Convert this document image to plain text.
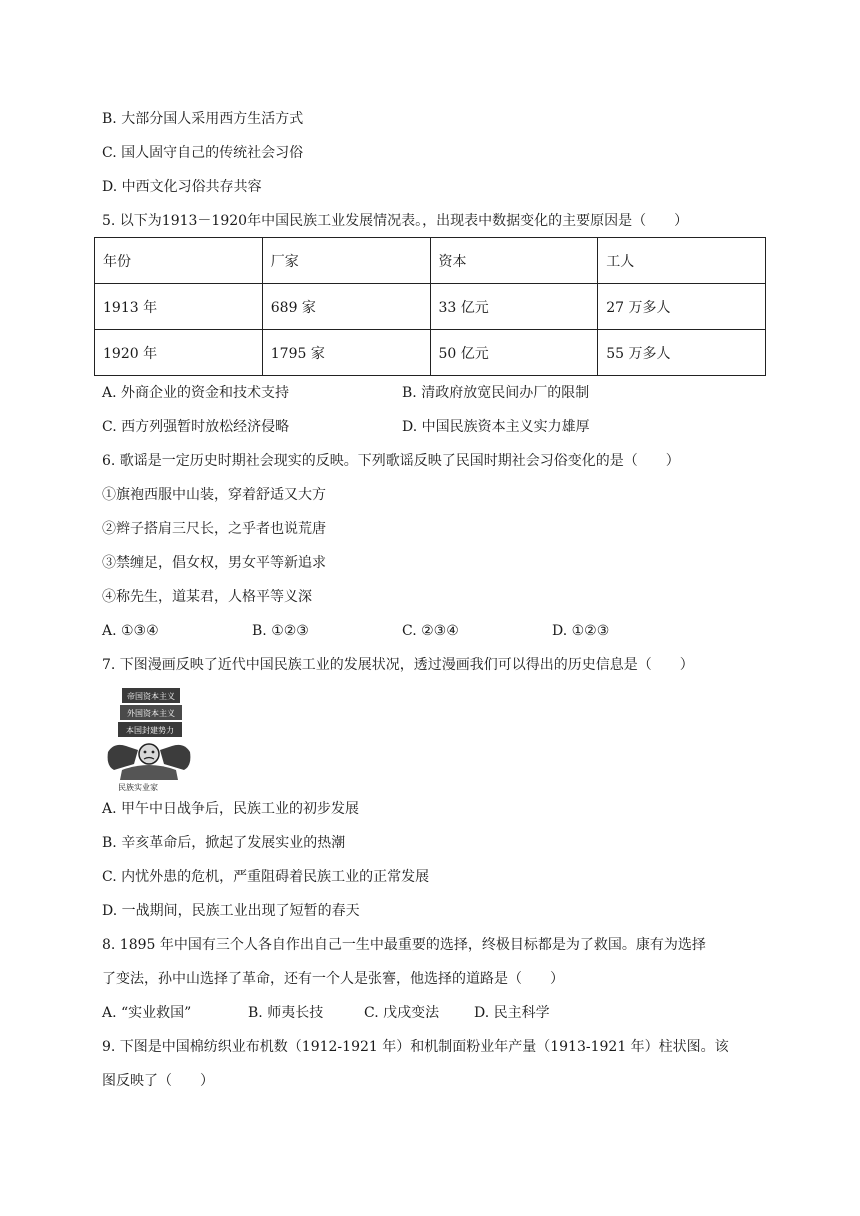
B. 大部分国人采用西方生活方式
C. 国人固守自己的传统社会习俗
D. 中西文化习俗共存共容
5. 以下为1913－1920年中国民族工业发展情况表。，出现表中数据变化的主要原因是（　　）
年份	厂家	资本	工人
1913 年	689 家	33 亿元	27 万多人
1920 年	1795 家	50 亿元	55 万多人
A. 外商企业的资金和技术支持	B. 清政府放宽民间办厂的限制
C. 西方列强暂时放松经济侵略	D. 中国民族资本主义实力雄厚
6. 歌谣是一定历史时期社会现实的反映。下列歌谣反映了民国时期社会习俗变化的是（　　）
①旗袍西服中山装，穿着舒适又大方
②辫子搭肩三尺长，之乎者也说荒唐
③禁缠足，倡女权，男女平等新追求
④称先生，道某君，人格平等义深
A. ①③④	B. ①②③	C. ②③④	D. ①②③
7. 下图漫画反映了近代中国民族工业的发展状况，透过漫画我们可以得出的历史信息是（　　）
帝国资本主义
外国资本主义
本国封建势力
民族实业家
A. 甲午中日战争后，民族工业的初步发展
B. 辛亥革命后，掀起了发展实业的热潮
C. 内忧外患的危机，严重阻碍着民族工业的正常发展
D. 一战期间，民族工业出现了短暂的春天
8. 1895 年中国有三个人各自作出自己一生中最重要的选择，终极目标都是为了救国。康有为选择
了变法，孙中山选择了革命，还有一个人是张謇，他选择的道路是（　　）
A. “实业救国”	B. 师夷长技	C. 戊戌变法 D. 民主科学
9. 下图是中国棉纺织业布机数（1912-1921 年）和机制面粉业年产量（1913-1921 年）柱状图。该
图反映了（　　）
